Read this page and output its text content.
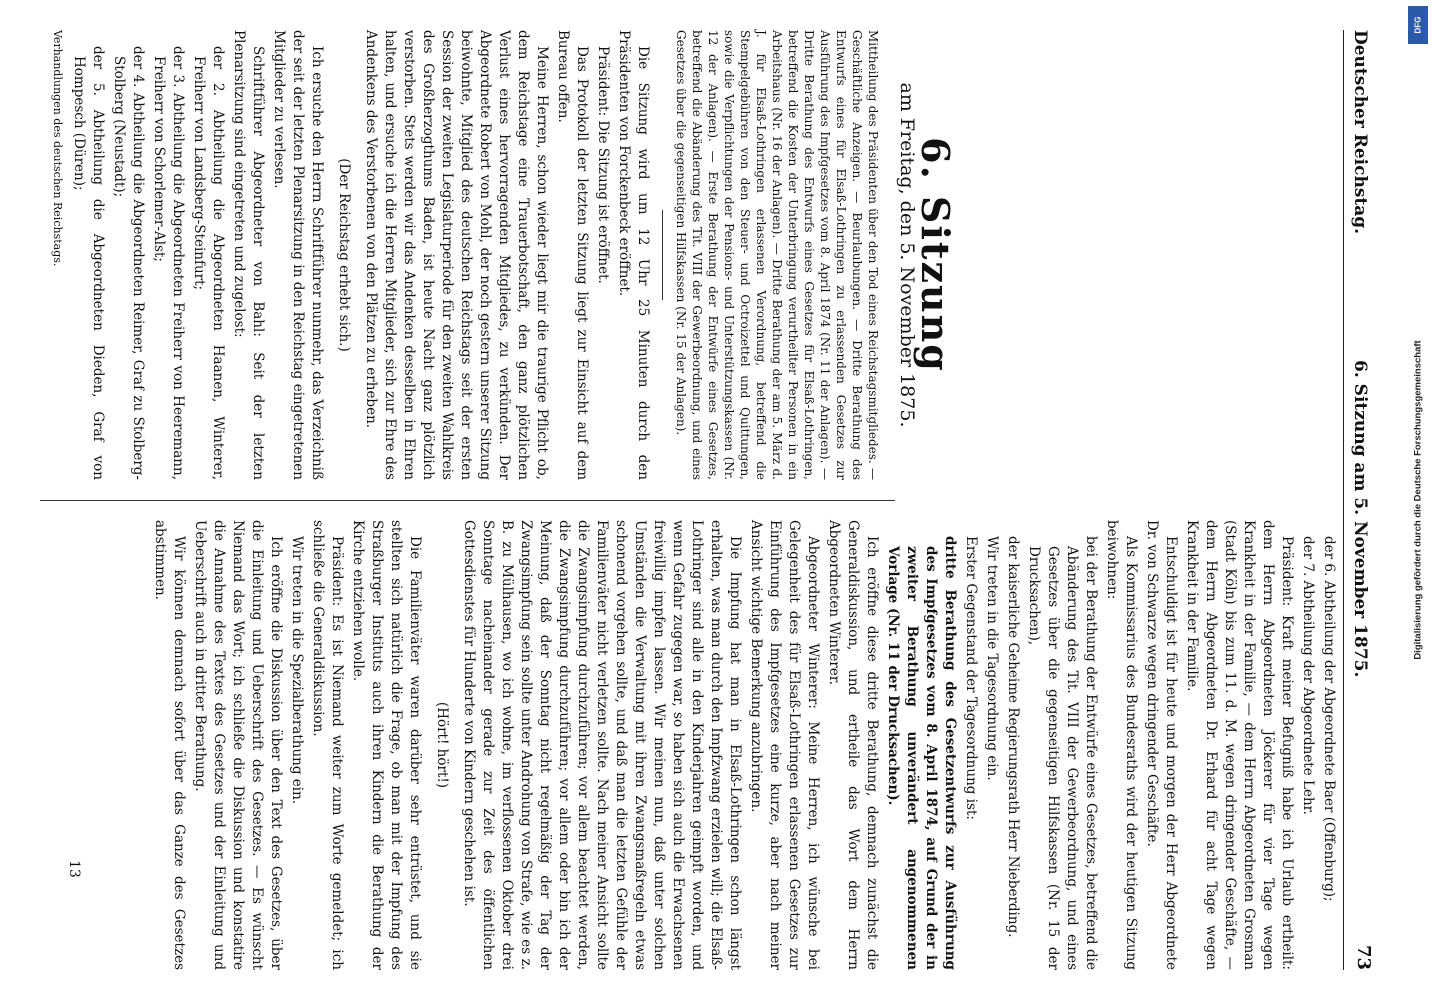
Deutscher Reichstag.
6. Sitzung am 5. November 1875.
73
6. Sitzung
am Freitag, den 5. November 1875.

Mittheilung des Präsidenten über den Tod eines Reichstagsmitgliedes. — Geschäftliche Anzeigen. — Beurlaubungen. — Dritte Berathung des Entwurfs eines für Elsaß-Lothringen zu erlassenden Gesetzes zur Ausführung des Impfgesetzes vom 8. April 1874 (Nr. 11 der Anlagen). — Dritte Berathung des Entwurfs eines Gesetzes für Elsaß-Lothringen, betreffend die Kosten der Unterbringung verurtheilter Personen in ein Arbeitshaus (Nr. 16 der Anlagen). — Dritte Berathung der am 5. März d. J. für Elsaß-Lothringen erlassenen Verordnung, betreffend die Stempelgebühren von den Steuer- und Octroizettel und Quittungen, sowie die Verpflichtungen der Pensions- und Unterstützungskassen (Nr. 12 der Anlagen). — Erste Berathung der Entwürfe eines Gesetzes, betreffend die Abänderung des Tit. VIII der Gewerbeordnung, und eines Gesetzes über die gegenseitigen Hilfskassen (Nr. 15 der Anlagen).

Die Sitzung wird um 12 Uhr 25 Minuten durch den Präsidenten von Forckenbeck eröffnet.

Präsident: Die Sitzung ist eröffnet.

Das Protokoll der letzten Sitzung liegt zur Einsicht auf dem Bureau offen.

Meine Herren, schon wieder liegt mir die traurige Pflicht ob, dem Reichstage eine Trauerbotschaft, den ganz plötzlichen Verlust eines hervorragenden Mitgliedes, zu verkünden. Der Abgeordnete Robert von Mohl, der noch gestern unserer Sitzung beiwohnte, Mitglied des deutschen Reichstags seit der ersten Session der zweiten Legislaturperiode für den zweiten Wahlkreis des Großherzogthums Baden, ist heute Nacht ganz plötzlich verstorben. Stets werden wir das Andenken desselben in Ehren halten, und ersuche ich die Herren Mitglieder, sich zur Ehre des Andenkens des Verstorbenen von den Plätzen zu erheben.

(Der Reichstag erhebt sich.)

Ich ersuche den Herrn Schriftführer nunmehr, das Verzeichniß der seit der letzten Plenarsitzung in den Reichstag eingetretenen Mitglieder zu verlesen.

Schriftführer Abgeordneter von Bahl: Seit der letzten Plenarsitzung sind eingetreten und zugelost:

der 2. Abtheilung die Abgeordneten Haanen, Winterer, Freiherr von Landsberg-Steinfurt;

der 3. Abtheilung die Abgeordneten Freiherr von Heeremann, Freiherr von Schorlemer-Alst;

der 4. Abtheilung die Abgeordneten Reimer, Graf zu Stolberg-Stolberg (Neustadt);

der 5. Abtheilung die Abgeordneten Dieden, Graf von Hompesch (Düren);

Verhandlungen des deutschen Reichstags.

der 6. Abtheilung der Abgeordnete Baer (Offenburg);

der 7. Abtheilung der Abgeordnete Lehr.

Präsident: Kraft meiner Befugniß habe ich Urlaub ertheilt: dem Herrn Abgeordneten Jöckerer für vier Tage wegen Krankheit in der Familie, — dem Herrn Abgeordneten Grosman (Stadt Köln) bis zum 11. d. M. wegen dringender Geschäfte, — dem Herrn Abgeordneten Dr. Erhard für acht Tage wegen Krankheit in der Familie.

Entschuldigt ist für heute und morgen der Herr Abgeordnete Dr. von Schwarze wegen dringender Geschäfte.

Als Kommissarius des Bundesraths wird der heutigen Sitzung beiwohnen:

bei der Berathung der Entwürfe eines Gesetzes, betreffend die Abänderung des Tit. VIII der Gewerbeordnung, und eines Gesetzes über die gegenseitigen Hilfskassen (Nr. 15 der Drucksachen),

der kaiserliche Geheime Regierungsrath Herr Nieberding.

Wir treten in die Tagesordnung ein.

Erster Gegenstand der Tagesordnung ist:

dritte Berathung des Gesetzentwurfs zur Ausführung des Impfgesetzes vom 8. April 1874, auf Grund der in zweiter Berathung unverändert angenommenen Vorlage (Nr. 11 der Drucksachen).

Ich eröffne diese dritte Berathung, demnach zunächst die Generaldiskussion, und ertheile das Wort dem Herrn Abgeordneten Winterer.

Abgeordneter Winterer: Meine Herren, ich wünsche bei Gelegenheit des für Elsaß-Lothringen erlassenen Gesetzes zur Einführung des Impfgesetzes eine kurze, aber nach meiner Ansicht wichtige Bemerkung anzubringen.

Die Impfung hat man in Elsaß-Lothringen schon längst erhalten, was man durch den Impfzwang erzielen will; die Elsaß-Lothringer sind alle in den Kinderjahren geimpft worden, und wenn Gefahr zugegen war, so haben sich auch die Erwachsenen freiwillig impfen lassen. Wir meinen nun, daß unter solchen Umständen die Verwaltung mit ihren Zwangsmaßregeln etwas schonend vorgehen sollte, und daß man die letzten Gefühle der Familienväter nicht verletzen sollte. Nach meiner Ansicht sollte die Zwangsimpfung durchzuführen; vor allem beachtet werden, die Zwangsimpfung durchzuführen; vor allem oder bin ich der Meinung, daß der Sonntag nicht regelmäßig der Tag der Zwangsimpfung sein sollte unter Androhung von Strafe, wie es z. B. zu Mülhausen, wo ich wohne, im verflossenen Oktober drei Sonntage nacheinander gerade zur Zeit des öffentlichen Gottesdienstes für Hunderte von Kindern geschehen ist.

(Hört! hört!)

Die Familienväter waren darüber sehr entrüstet, und sie stellten sich natürlich die Frage, ob man mit der Impfung des Straßburger Instituts auch ihren Kindern die Berathung der Kirche entziehen wolle.

Präsident: Es ist Niemand weiter zum Worte gemeldet; ich schließe die Generaldiskussion.

Wir treten in die Spezialberathung ein.

Ich eröffne die Diskussion über den Text des Gesetzes, über die Einleitung und Ueberschrift des Gesetzes. — Es wünscht Niemand das Wort; ich schließe die Diskussion und konstatire die Annahme des Textes des Gesetzes und der Einleitung und Ueberschrift auch in dritter Berathung.

Wir können demnach sofort über das Ganze des Gesetzes abstimmen.

13
DFG
Digitalisierung gefördert durch die Deutsche Forschungsgemeinschaft
